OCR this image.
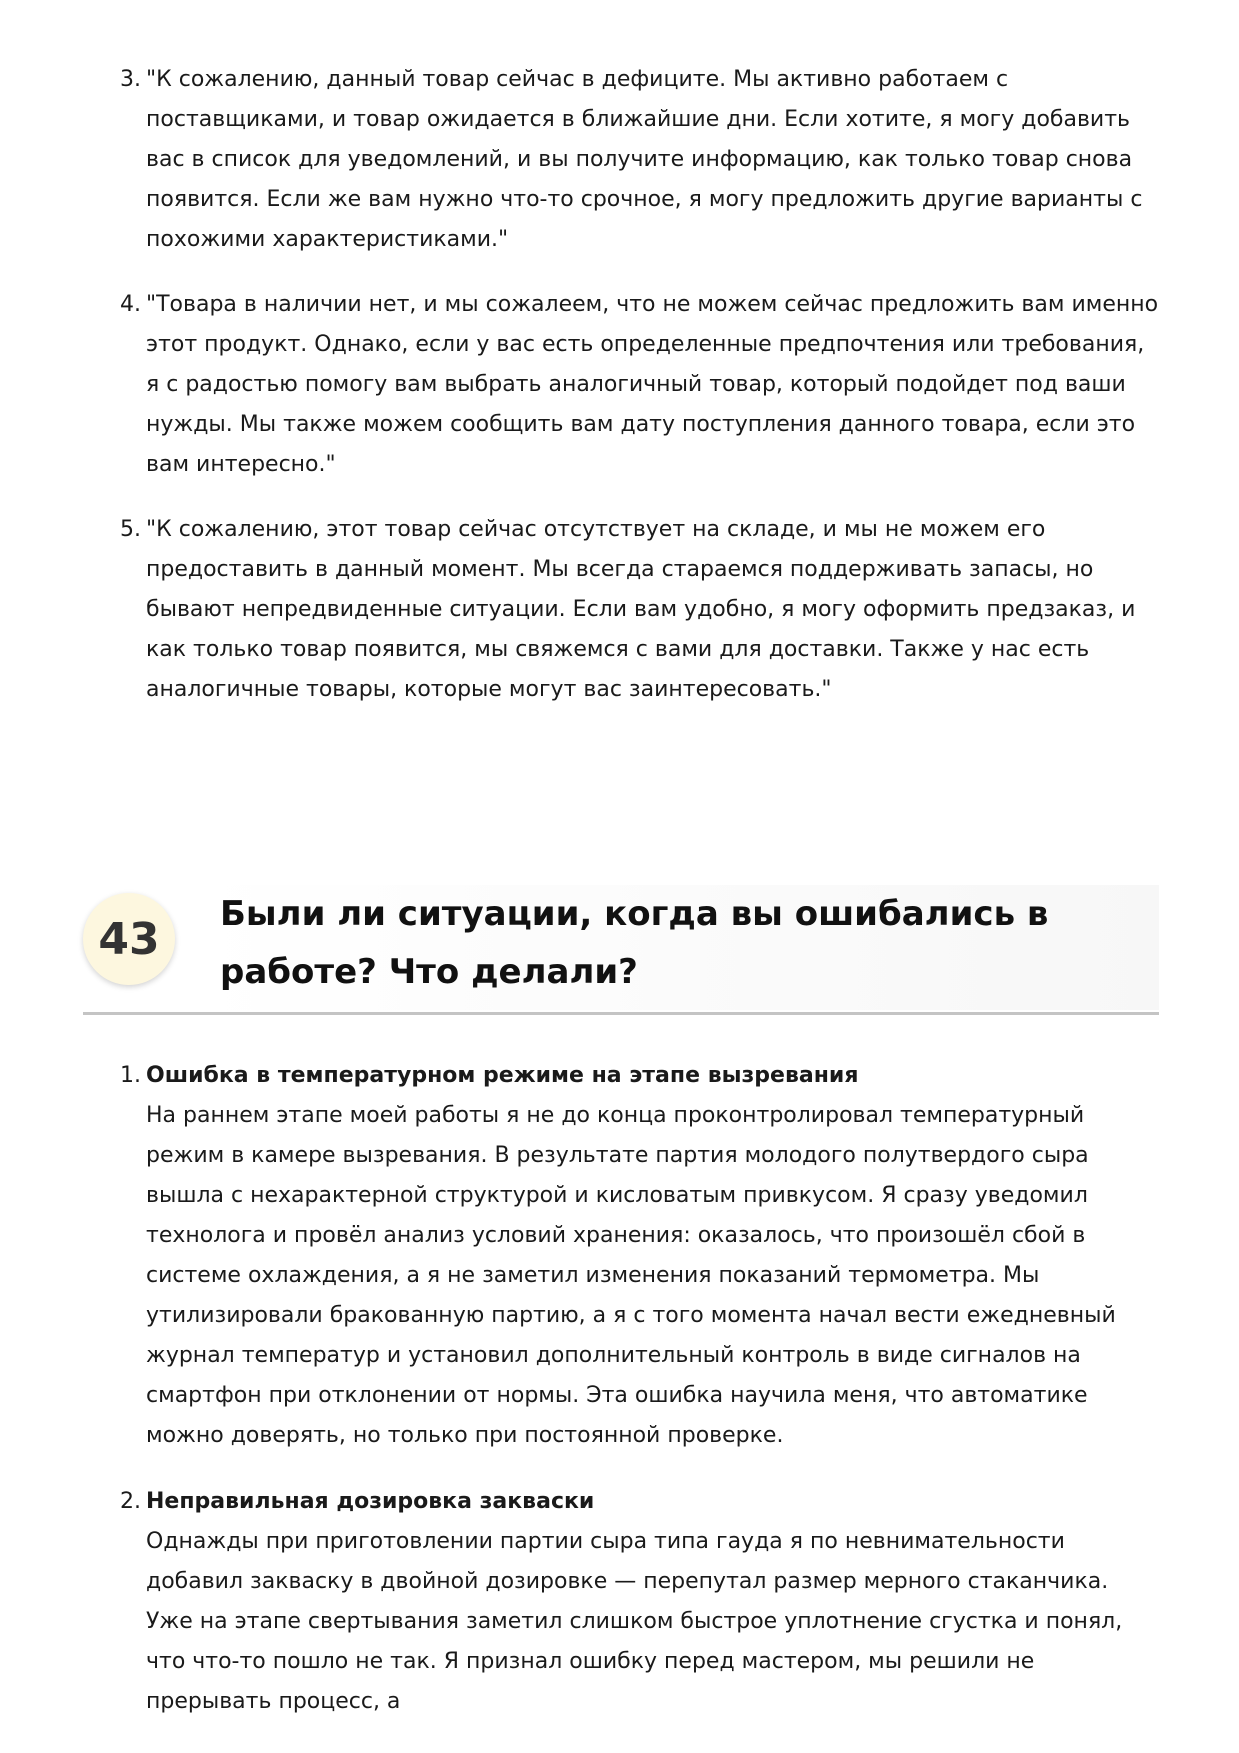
3. "К сожалению, данный товар сейчас в дефиците. Мы активно работаем с поставщиками, и товар ожидается в ближайшие дни. Если хотите, я могу добавить вас в список для уведомлений, и вы получите информацию, как только товар снова появится. Если же вам нужно что-то срочное, я могу предложить другие варианты с похожими характеристиками."
4. "Товара в наличии нет, и мы сожалеем, что не можем сейчас предложить вам именно этот продукт. Однако, если у вас есть определенные предпочтения или требования, я с радостью помогу вам выбрать аналогичный товар, который подойдет под ваши нужды. Мы также можем сообщить вам дату поступления данного товара, если это вам интересно."
5. "К сожалению, этот товар сейчас отсутствует на складе, и мы не можем его предоставить в данный момент. Мы всегда стараемся поддерживать запасы, но бывают непредвиденные ситуации. Если вам удобно, я могу оформить предзаказ, и как только товар появится, мы свяжемся с вами для доставки. Также у нас есть аналогичные товары, которые могут вас заинтересовать."
43	Были ли ситуации, когда вы ошибались в работе? Что делали?
1. Ошибка в температурном режиме на этапе вызревания
На раннем этапе моей работы я не до конца проконтролировал температурный режим в камере вызревания. В результате партия молодого полутвердого сыра вышла с нехарактерной структурой и кисловатым привкусом. Я сразу уведомил технолога и провёл анализ условий хранения: оказалось, что произошёл сбой в системе охлаждения, а я не заметил изменения показаний термометра. Мы утилизировали бракованную партию, а я с того момента начал вести ежедневный журнал температур и установил дополнительный контроль в виде сигналов на смартфон при отклонении от нормы. Эта ошибка научила меня, что автоматике можно доверять, но только при постоянной проверке.
2. Неправильная дозировка закваски
Однажды при приготовлении партии сыра типа гауда я по невнимательности добавил закваску в двойной дозировке — перепутал размер мерного стаканчика. Уже на этапе свертывания заметил слишком быстрое уплотнение сгустка и понял, что что-то пошло не так. Я признал ошибку перед мастером, мы решили не прерывать процесс, а
